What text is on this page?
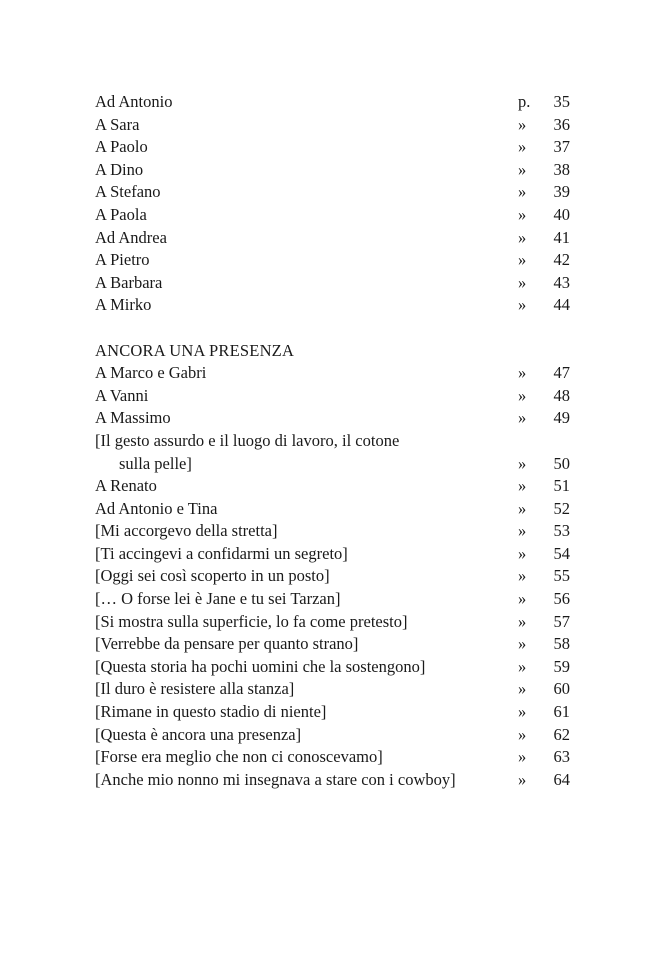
Ad Antonio	p.	35
A Sara	»	36
A Paolo	»	37
A Dino	»	38
A Stefano	»	39
A Paola	»	40
Ad Andrea	»	41
A Pietro	»	42
A Barbara	»	43
A Mirko	»	44
ANCORA UNA PRESENZA
A Marco e Gabri	»	47
A Vanni	»	48
A Massimo	»	49
[Il gesto assurdo e il luogo di lavoro, il cotone
sulla pelle]	»	50
A Renato	»	51
Ad Antonio e Tina	»	52
[Mi accorgevo della stretta]	»	53
[Ti accingevi a confidarmi un segreto]	»	54
[Oggi sei così scoperto in un posto]	»	55
[… O forse lei è Jane e tu sei Tarzan]	»	56
[Si mostra sulla superficie, lo fa come pretesto]	»	57
[Verrebbe da pensare per quanto strano]	»	58
[Questa storia ha pochi uomini che la sostengono]	»	59
[Il duro è resistere alla stanza]	»	60
[Rimane in questo stadio di niente]	»	61
[Questa è ancora una presenza]	»	62
[Forse era meglio che non ci conoscevamo]	»	63
[Anche mio nonno mi insegnava a stare con i cowboy]	»	64
